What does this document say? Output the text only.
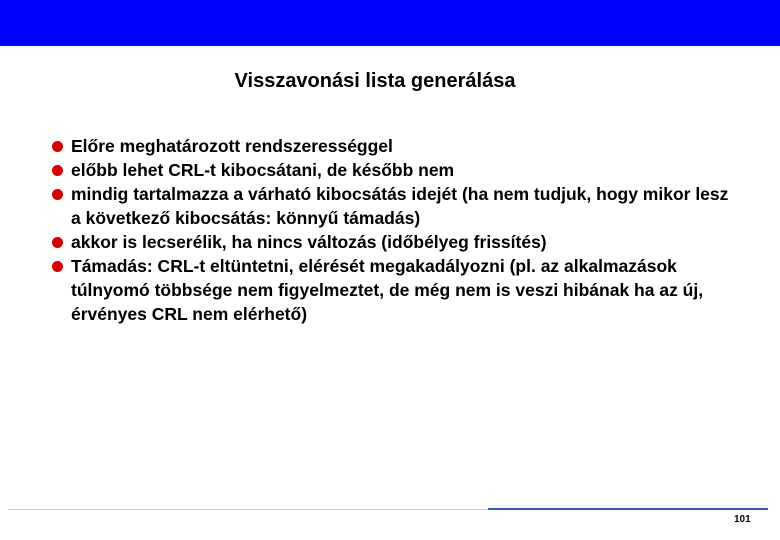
Visszavonási lista generálása
Előre meghatározott rendszerességgel
előbb lehet CRL-t kibocsátani, de később nem
mindig tartalmazza a várható kibocsátás idejét (ha nem tudjuk, hogy mikor lesz a következő kibocsátás: könnyű támadás)
akkor is lecserélik, ha nincs változás (időbélyeg frissítés)
Támadás: CRL-t eltüntetni, elérését megakadályozni (pl. az alkalmazások túlnyomó többsége nem figyelmeztet, de még nem is veszi hibának ha az új, érvényes CRL nem elérhető)
101
